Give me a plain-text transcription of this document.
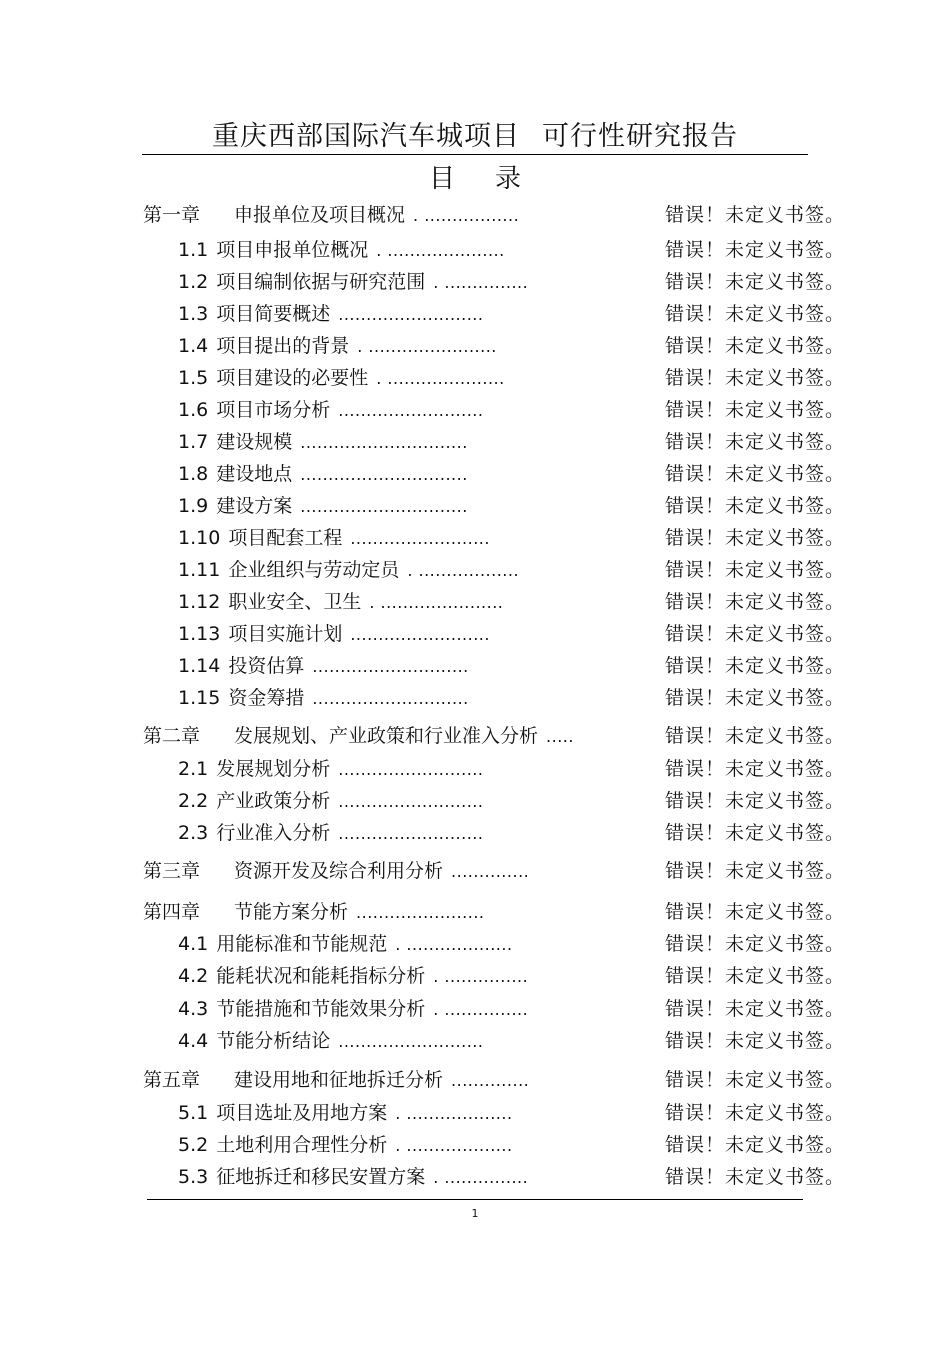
重庆西部国际汽车城项目 可行性研究报告
目录
第一章 申报单位及项目概况 . .................	错误！未定义书签。
1.1 项目申报单位概况 . .....................	错误！未定义书签。
1.2 项目编制依据与研究范围 . ...............	错误！未定义书签。
1.3 项目简要概述 ..........................	错误！未定义书签。
1.4 项目提出的背景 . .......................	错误！未定义书签。
1.5 项目建设的必要性 . .....................	错误！未定义书签。
1.6 项目市场分析 ..........................	错误！未定义书签。
1.7 建设规模 ..............................	错误！未定义书签。
1.8 建设地点 ..............................	错误！未定义书签。
1.9 建设方案 ..............................	错误！未定义书签。
1.10 项目配套工程 .........................	错误！未定义书签。
1.11 企业组织与劳动定员 . ..................	错误！未定义书签。
1.12 职业安全、卫生 . ......................	错误！未定义书签。
1.13 项目实施计划 .........................	错误！未定义书签。
1.14 投资估算 ............................	错误！未定义书签。
1.15 资金筹措 ............................	错误！未定义书签。
第二章 发展规划、产业政策和行业准入分析 .....	错误！未定义书签。
2.1 发展规划分析 ..........................	错误！未定义书签。
2.2 产业政策分析 ..........................	错误！未定义书签。
2.3 行业准入分析 ..........................	错误！未定义书签。
第三章 资源开发及综合利用分析 ..............	错误！未定义书签。
第四章 节能方案分析 .......................	错误！未定义书签。
4.1 用能标准和节能规范 . ...................	错误！未定义书签。
4.2 能耗状况和能耗指标分析 . ...............	错误！未定义书签。
4.3 节能措施和节能效果分析 . ...............	错误！未定义书签。
4.4 节能分析结论 ..........................	错误！未定义书签。
第五章 建设用地和征地拆迁分析 ..............	错误！未定义书签。
5.1 项目选址及用地方案 . ...................	错误！未定义书签。
5.2 土地利用合理性分析 . ...................	错误！未定义书签。
5.3 征地拆迁和移民安置方案 . ...............	错误！未定义书签。
1
